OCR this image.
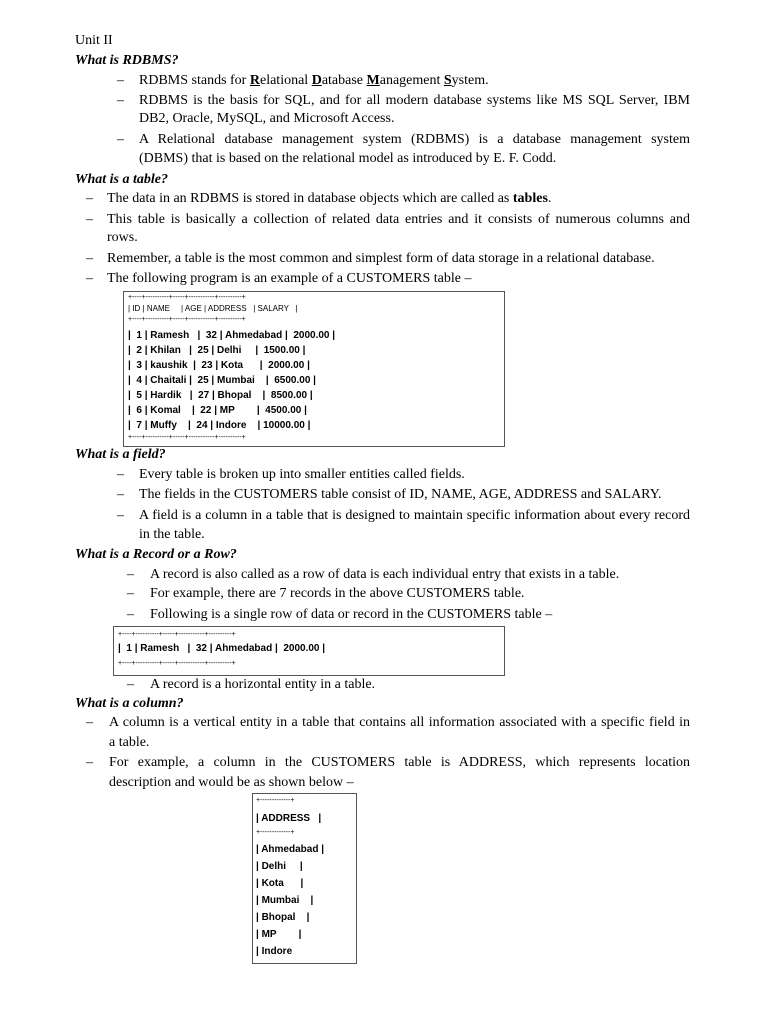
Unit II
What is RDBMS?
– RDBMS stands for Relational Database Management System.
– RDBMS is the basis for SQL, and for all modern database systems like MS SQL Server, IBM
DB2, Oracle, MySQL, and Microsoft Access.
– A Relational database management system (RDBMS) is a database management system
(DBMS) that is based on the relational model as introduced by E. F. Codd.
What is a table?
– The data in an RDBMS is stored in database objects which are called as tables.
– This table is basically a collection of related data entries and it consists of numerous columns and
rows.
– Remember, a table is the most common and simplest form of data storage in a relational database.
– The following program is an example of a CUSTOMERS table –
+----+----------+-----+-----------+----------+
| ID | NAME     | AGE | ADDRESS   | SALARY   |
+----+----------+-----+-----------+----------+
|  1 | Ramesh   |  32 | Ahmedabad |  2000.00 |
|  2 | Khilan   |  25 | Delhi     |  1500.00 |
|  3 | kaushik  |  23 | Kota      |  2000.00 |
|  4 | Chaitali |  25 | Mumbai    |  6500.00 |
|  5 | Hardik   |  27 | Bhopal    |  8500.00 |
|  6 | Komal    |  22 | MP        |  4500.00 |
|  7 | Muffy    |  24 | Indore    | 10000.00 |
+----+----------+-----+-----------+----------+
What is a field?
– Every table is broken up into smaller entities called fields.
– The fields in the CUSTOMERS table consist of ID, NAME, AGE, ADDRESS and SALARY.
– A field is a column in a table that is designed to maintain specific information about every record
in the table.
What is a Record or a Row?
– A record is also called as a row of data is each individual entry that exists in a table.
– For example, there are 7 records in the above CUSTOMERS table.
– Following is a single row of data or record in the CUSTOMERS table –
+----+----------+-----+-----------+----------+
|  1 | Ramesh   |  32 | Ahmedabad |  2000.00 |
+----+----------+-----+-----------+----------+
– A record is a horizontal entity in a table.
What is a column?
– A column is a vertical entity in a table that contains all information associated with a specific field in
a table.
– For example, a column in the CUSTOMERS table is ADDRESS, which represents location
description and would be as shown below –
+-------------+
| ADDRESS   |
+-------------+
| Ahmedabad |
| Delhi     |
| Kota      |
| Mumbai    |
| Bhopal    |
| MP        |
| Indore
